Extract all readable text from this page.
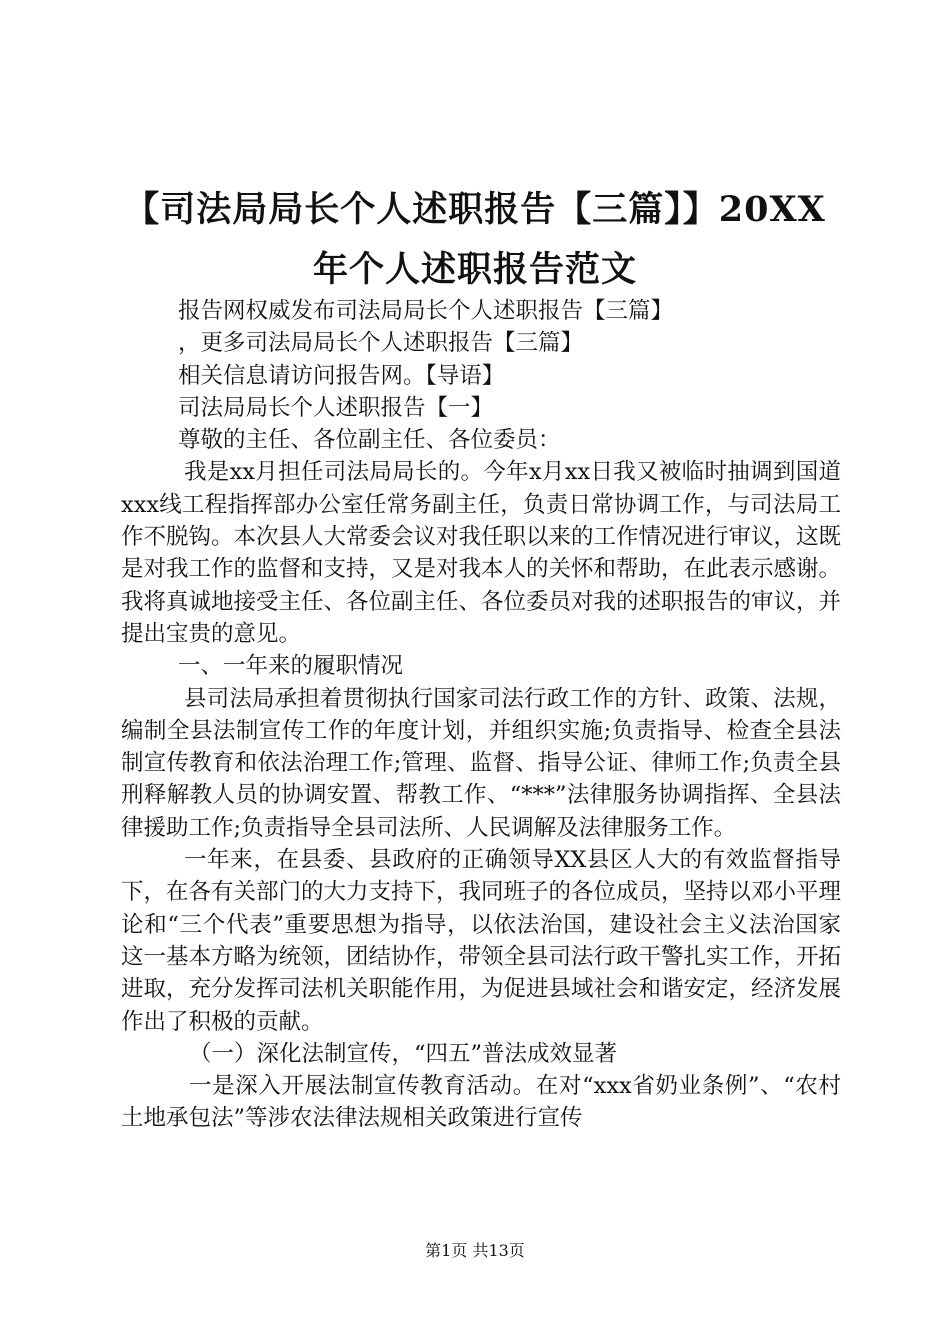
【司法局局长个人述职报告【三篇】】20XX
年个人述职报告范文

报告网权威发布司法局局长个人述职报告【三篇】

，更多司法局局长个人述职报告【三篇】

相关信息请访问报告网。【导语】

司法局局长个人述职报告【一】

尊敬的主任、各位副主任、各位委员：

我是xx月担任司法局局长的。今年x月xx日我又被临时抽调到国道xxx线工程指挥部办公室任常务副主任，负责日常协调工作，与司法局工作不脱钩。本次县人大常委会议对我任职以来的工作情况进行审议，这既是对我工作的监督和支持，又是对我本人的关怀和帮助，在此表示感谢。我将真诚地接受主任、各位副主任、各位委员对我的述职报告的审议，并提出宝贵的意见。

一、一年来的履职情况

县司法局承担着贯彻执行国家司法行政工作的方针、政策、法规，编制全县法制宣传工作的年度计划，并组织实施;负责指导、检查全县法制宣传教育和依法治理工作;管理、监督、指导公证、律师工作;负责全县刑释解教人员的协调安置、帮教工作、“***”法律服务协调指挥、全县法律援助工作;负责指导全县司法所、人民调解及法律服务工作。

一年来，在县委、县政府的正确领导XX县区人大的有效监督指导下，在各有关部门的大力支持下，我同班子的各位成员，坚持以邓小平理论和“三个代表”重要思想为指导，以依法治国，建设社会主义法治国家这一基本方略为统领，团结协作，带领全县司法行政干警扎实工作，开拓进取，充分发挥司法机关职能作用，为促进县域社会和谐安定，经济发展作出了积极的贡献。

（一）深化法制宣传，“四五”普法成效显著

一是深入开展法制宣传教育活动。在对“xxx省奶业条例”、“农村土地承包法”等涉农法律法规相关政策进行宣传

第1页 共13页
